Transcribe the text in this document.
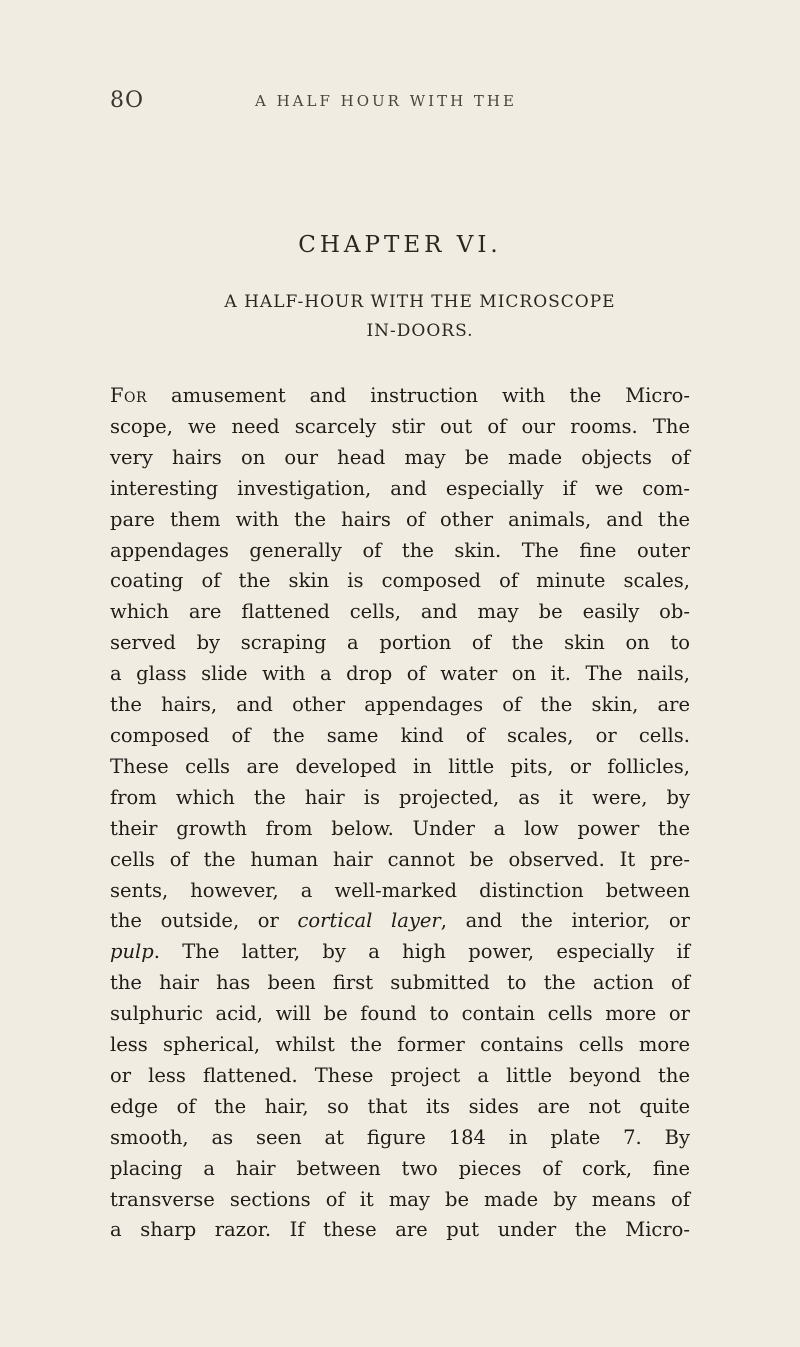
8O	A HALF HOUR WITH THE
CHAPTER VI.
A HALF-HOUR WITH THE MICROSCOPE
IN-DOORS.
For amusement and instruction with the Micro-
scope, we need scarcely stir out of our rooms. The
very hairs on our head may be made objects of
interesting investigation, and especially if we com-
pare them with the hairs of other animals, and the
appendages generally of the skin. The fine outer
coating of the skin is composed of minute scales,
which are flattened cells, and may be easily ob-
served by scraping a portion of the skin on to
a glass slide with a drop of water on it. The nails,
the hairs, and other appendages of the skin, are
composed of the same kind of scales, or cells.
These cells are developed in little pits, or follicles,
from which the hair is projected, as it were, by
their growth from below. Under a low power the
cells of the human hair cannot be observed. It pre-
sents, however, a well-marked distinction between
the outside, or cortical layer, and the interior, or
pulp. The latter, by a high power, especially if
the hair has been first submitted to the action of
sulphuric acid, will be found to contain cells more or
less spherical, whilst the former contains cells more
or less flattened. These project a little beyond the
edge of the hair, so that its sides are not quite
smooth, as seen at figure 184 in plate 7. By
placing a hair between two pieces of cork, fine
transverse sections of it may be made by means of
a sharp razor. If these are put under the Micro-
